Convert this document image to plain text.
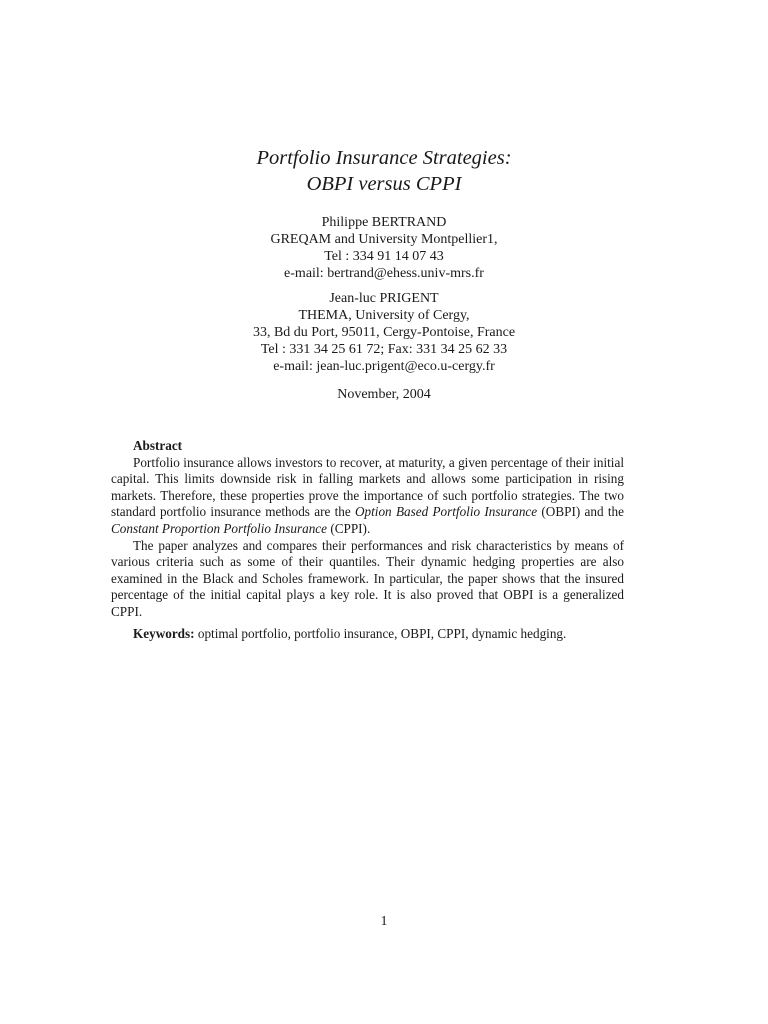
Portfolio Insurance Strategies:
OBPI versus CPPI
Philippe BERTRAND
GREQAM and University Montpellier1,
Tel : 334 91 14 07 43
e-mail: bertrand@ehess.univ-mrs.fr
Jean-luc PRIGENT
THEMA, University of Cergy,
33, Bd du Port, 95011, Cergy-Pontoise, France
Tel : 331 34 25 61 72; Fax: 331 34 25 62 33
e-mail: jean-luc.prigent@eco.u-cergy.fr
November, 2004

Abstract

Portfolio insurance allows investors to recover, at maturity, a given percentage of their initial capital. This limits downside risk in falling markets and allows some participation in rising markets. Therefore, these properties prove the importance of such portfolio strategies. The two standard portfolio insurance methods are the Option Based Portfolio Insurance (OBPI) and the Constant Proportion Portfolio Insurance (CPPI).

The paper analyzes and compares their performances and risk characteristics by means of various criteria such as some of their quantiles. Their dynamic hedging properties are also examined in the Black and Scholes framework. In particular, the paper shows that the insured percentage of the initial capital plays a key role. It is also proved that OBPI is a generalized CPPI.

Keywords: optimal portfolio, portfolio insurance, OBPI, CPPI, dynamic hedging.

1
